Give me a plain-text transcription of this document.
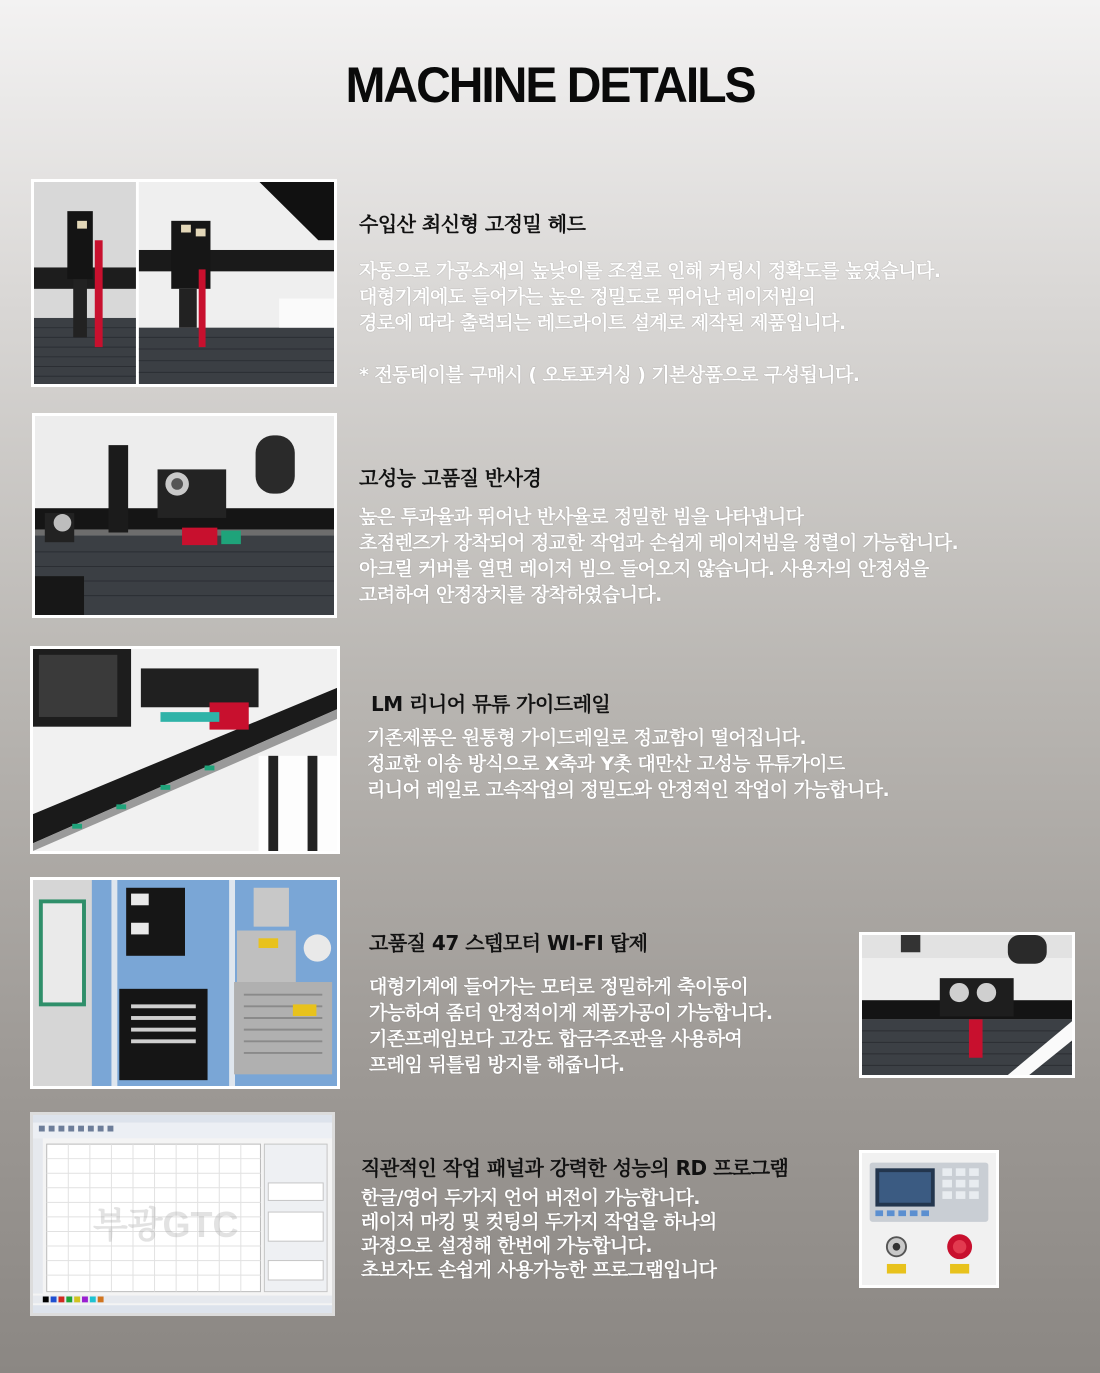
MACHINE DETAILS
수입산 최신형 고정밀 헤드
자동으로 가공소재의 높낮이를 조절로 인해 커팅시 정확도를 높였습니다.
대형기계에도 들어가는 높은 정밀도로 뛰어난 레이저빔의
경로에 따라 출력되는 레드라이트 설계로 제작된 제품입니다.
* 전동테이블 구매시 ( 오토포커싱 ) 기본상품으로 구성됩니다.
고성능 고품질 반사경
높은 투과율과 뛰어난 반사율로 정밀한 빔을 나타냅니다
초점렌즈가 장착되어 정교한 작업과 손쉽게 레이저빔을 정렬이 가능합니다.
아크릴 커버를 열면 레이저 빔으 들어오지 않습니다. 사용자의 안정성을
고려하여 안정장치를 장착하였습니다.
LM 리니어 뮤튜 가이드레일
기존제품은 원통형 가이드레일로 정교함이 떨어집니다.
정교한 이송 방식으로 X축과 Y촛 대만산 고성능 뮤튜가이드
리니어 레일로 고속작업의 정밀도와 안정적인 작업이 가능합니다.
고품질 47 스텝모터 WI-FI 탑제
대형기계에 들어가는 모터로 정밀하게 축이동이
가능하여 좀더 안정적이게 제품가공이 가능합니다.
기존프레임보다 고강도 합금주조판을 사용하여
프레임 뒤틀림 방지를 해줍니다.
부광GTC
직관적인 작업 패널과 강력한 성능의 RD 프로그램
한글/영어 두가지 언어 버전이 가능합니다.
레이저 마킹 및 컷팅의 두가지 작업을 하나의
과정으로 설정해 한번에 가능합니다.
초보자도 손쉽게 사용가능한 프로그램입니다
